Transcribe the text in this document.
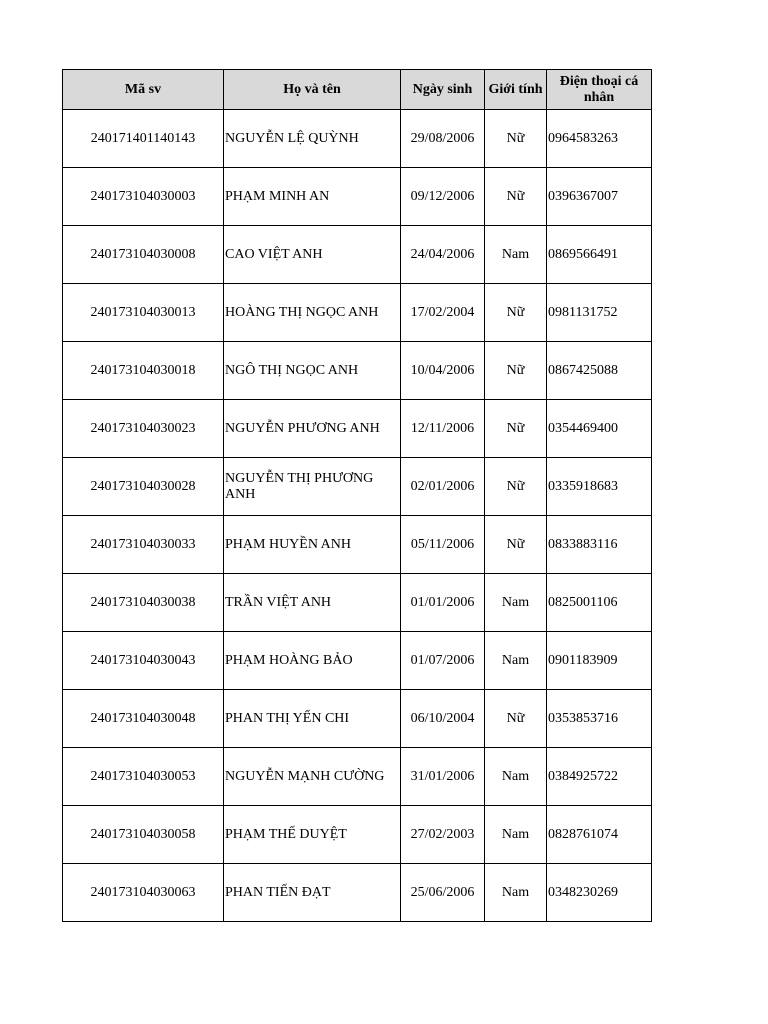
Mã sv	Họ và tên	Ngày sinh	Giới tính	Điện thoại cá nhân
240171401140143	NGUYỄN LỆ QUỲNH	29/08/2006	Nữ	0964583263
240173104030003	PHẠM MINH AN	09/12/2006	Nữ	0396367007
240173104030008	CAO VIỆT ANH	24/04/2006	Nam	0869566491
240173104030013	HOÀNG THỊ NGỌC ANH	17/02/2004	Nữ	0981131752
240173104030018	NGÔ THỊ NGỌC ANH	10/04/2006	Nữ	0867425088
240173104030023	NGUYỄN PHƯƠNG ANH	12/11/2006	Nữ	0354469400
240173104030028	NGUYỄN THỊ PHƯƠNG ANH	02/01/2006	Nữ	0335918683
240173104030033	PHẠM HUYỀN ANH	05/11/2006	Nữ	0833883116
240173104030038	TRẦN VIỆT ANH	01/01/2006	Nam	0825001106
240173104030043	PHẠM HOÀNG BẢO	01/07/2006	Nam	0901183909
240173104030048	PHAN THỊ YẾN CHI	06/10/2004	Nữ	0353853716
240173104030053	NGUYỄN MẠNH CƯỜNG	31/01/2006	Nam	0384925722
240173104030058	PHẠM THẾ DUYỆT	27/02/2003	Nam	0828761074
240173104030063	PHAN TIẾN ĐẠT	25/06/2006	Nam	0348230269
